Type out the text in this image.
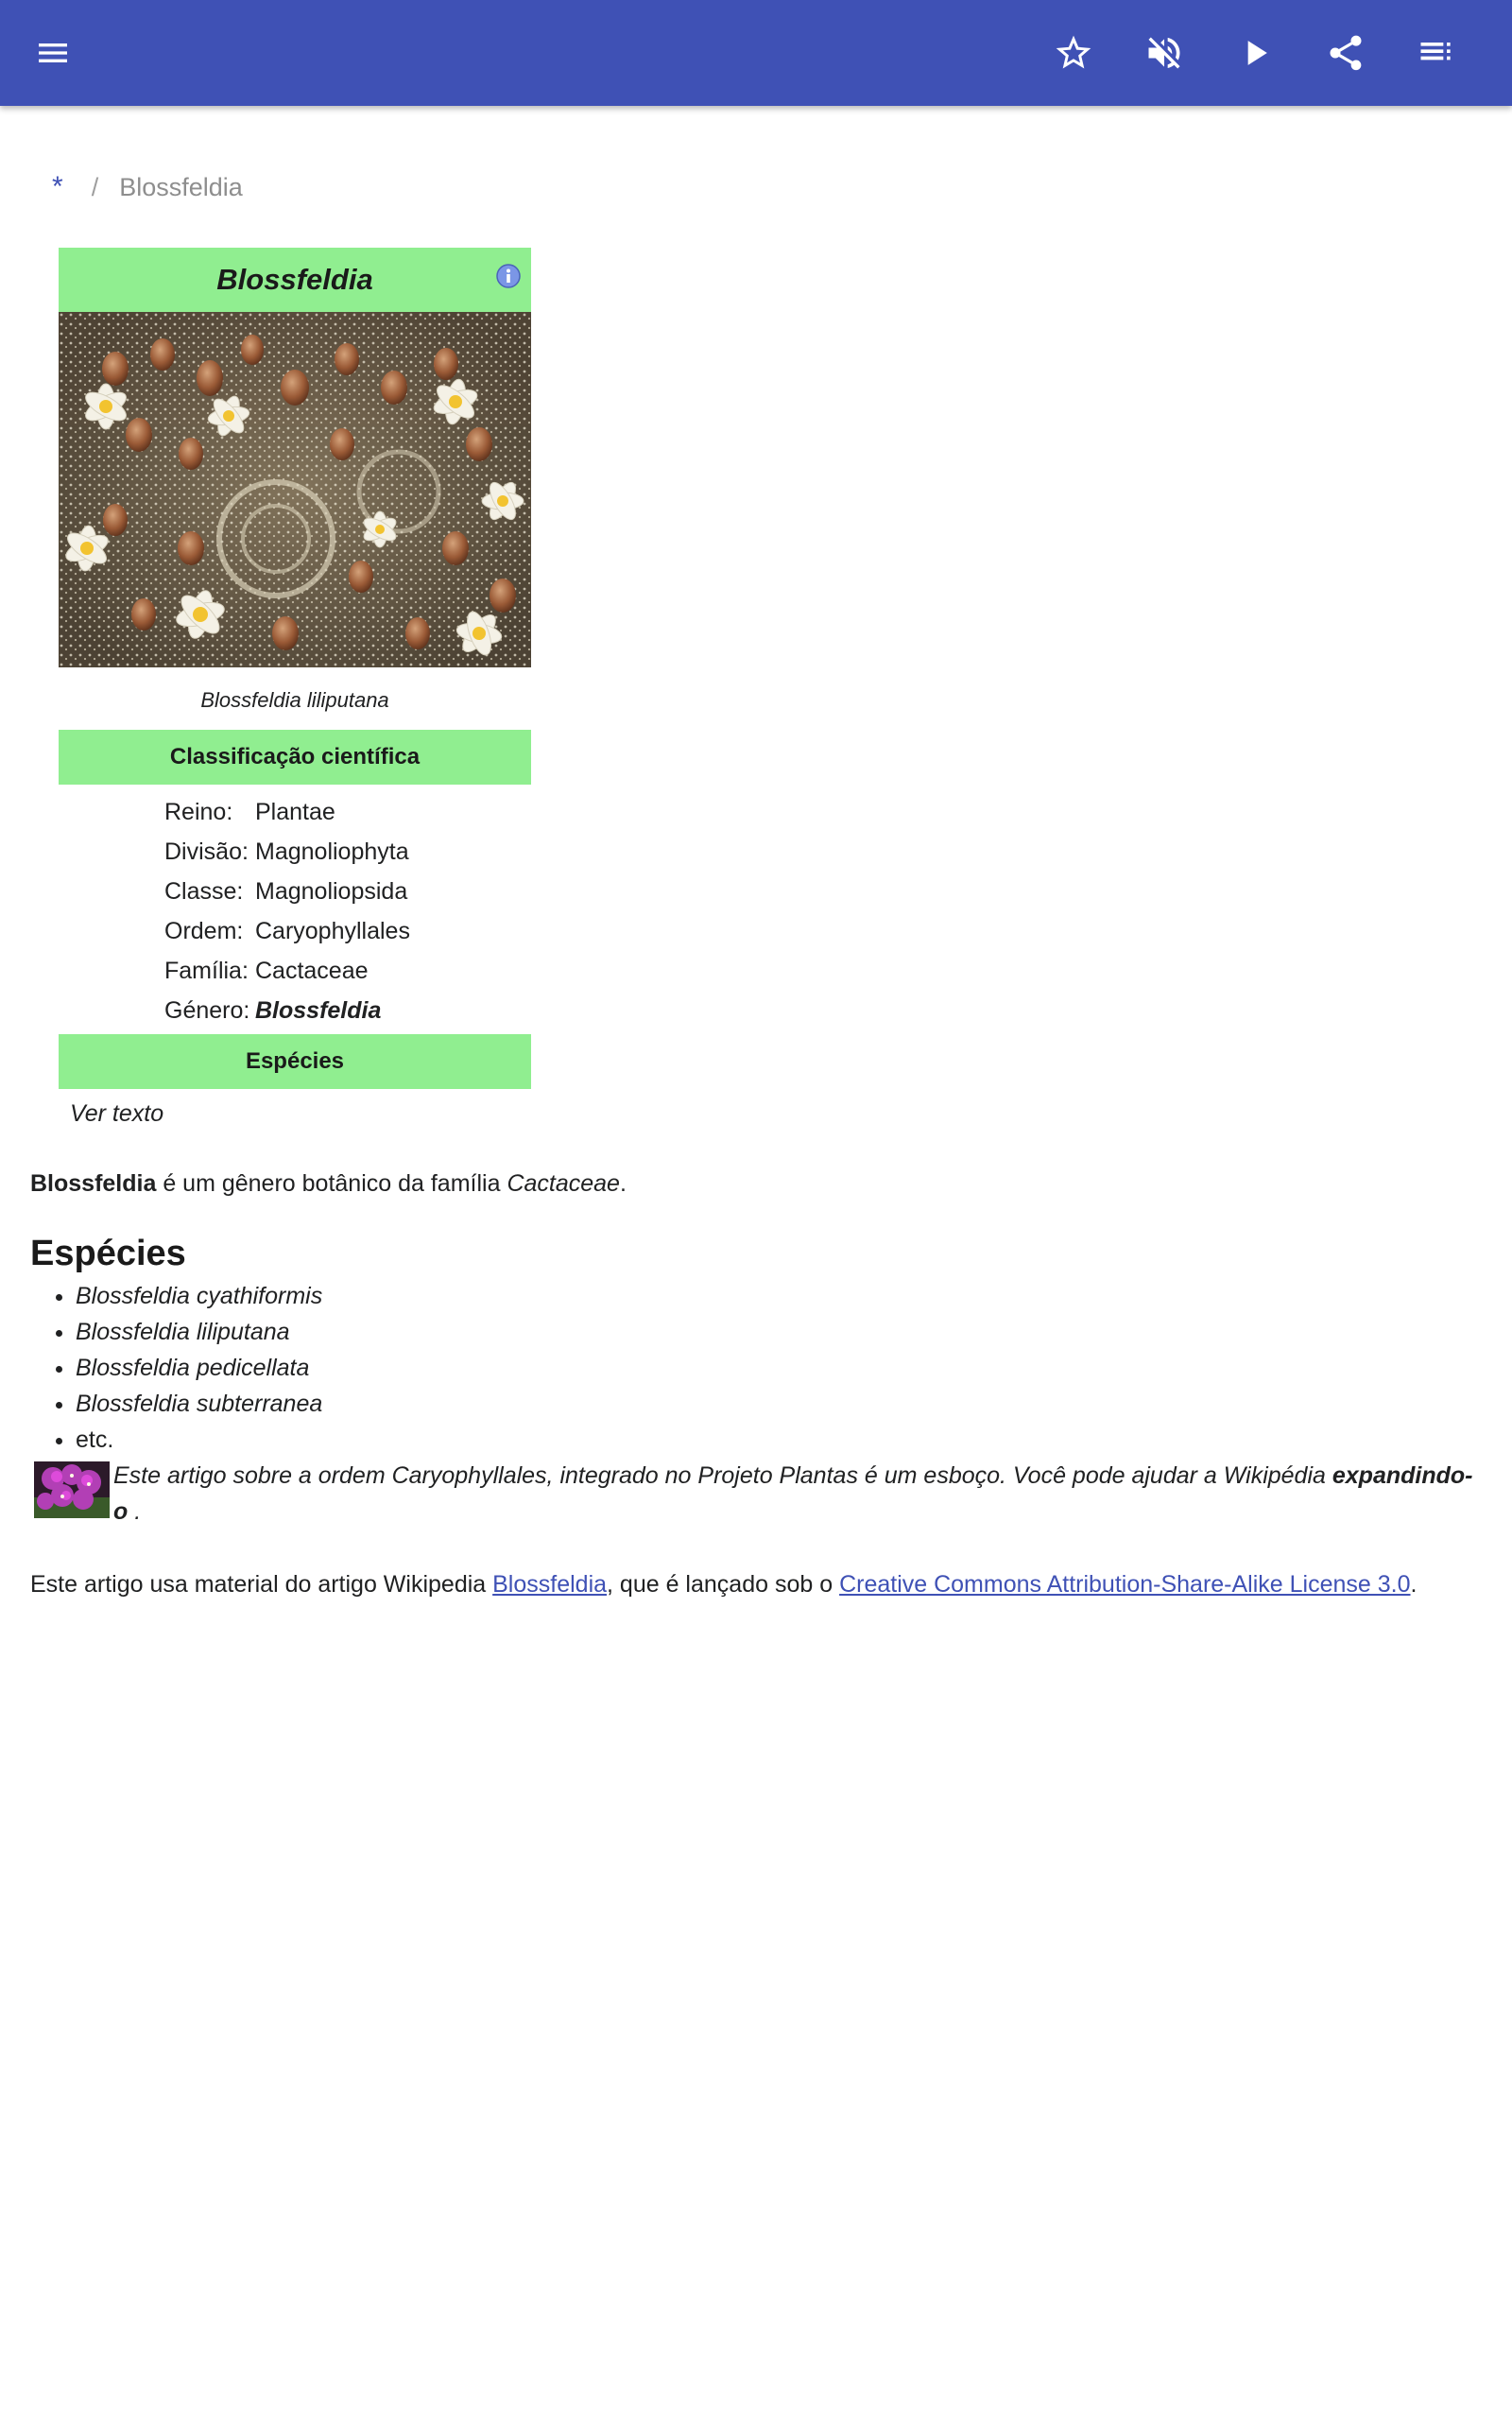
* / Blossfeldia
Blossfeldia
Blossfeldia liliputana
Classificação científica
Reino: Plantae
Divisão: Magnoliophyta
Classe: Magnoliopsida
Ordem: Caryophyllales
Família: Cactaceae
Género: Blossfeldia
Espécies
Ver texto

Blossfeldia é um gênero botânico da família Cactaceae.

Espécies
• Blossfeldia cyathiformis
• Blossfeldia liliputana
• Blossfeldia pedicellata
• Blossfeldia subterranea
• etc.
Este artigo sobre a ordem Caryophyllales, integrado no Projeto Plantas é um esboço. Você pode ajudar a Wikipédia expandindo-o .
Este artigo usa material do artigo Wikipedia Blossfeldia, que é lançado sob o Creative Commons Attribution-Share-Alike License 3.0.
